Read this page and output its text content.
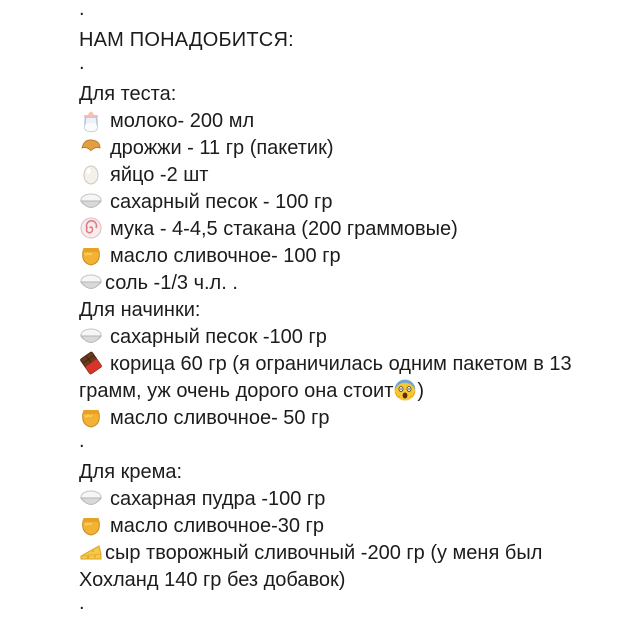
.
НАМ ПОНАДОБИТСЯ:
.
Для теста:
молоко- 200 мл
дрожжи - 11 гр (пакетик)
яйцо -2 шт
сахарный песок - 100 гр
мука - 4-4,5 стакана (200 граммовые)
масло сливочное- 100 гр
соль -1/3 ч.л. .
Для начинки:
сахарный песок -100 гр
корица 60 гр (я ограничилась одним пакетом в 13 грамм, уж очень дорого она стоит )
масло сливочное- 50 гр
.
Для крема:
сахарная пудра -100 гр
масло сливочное-30 гр
сыр творожный сливочный -200 гр (у меня был Хохланд 140 гр без добавок)
.
